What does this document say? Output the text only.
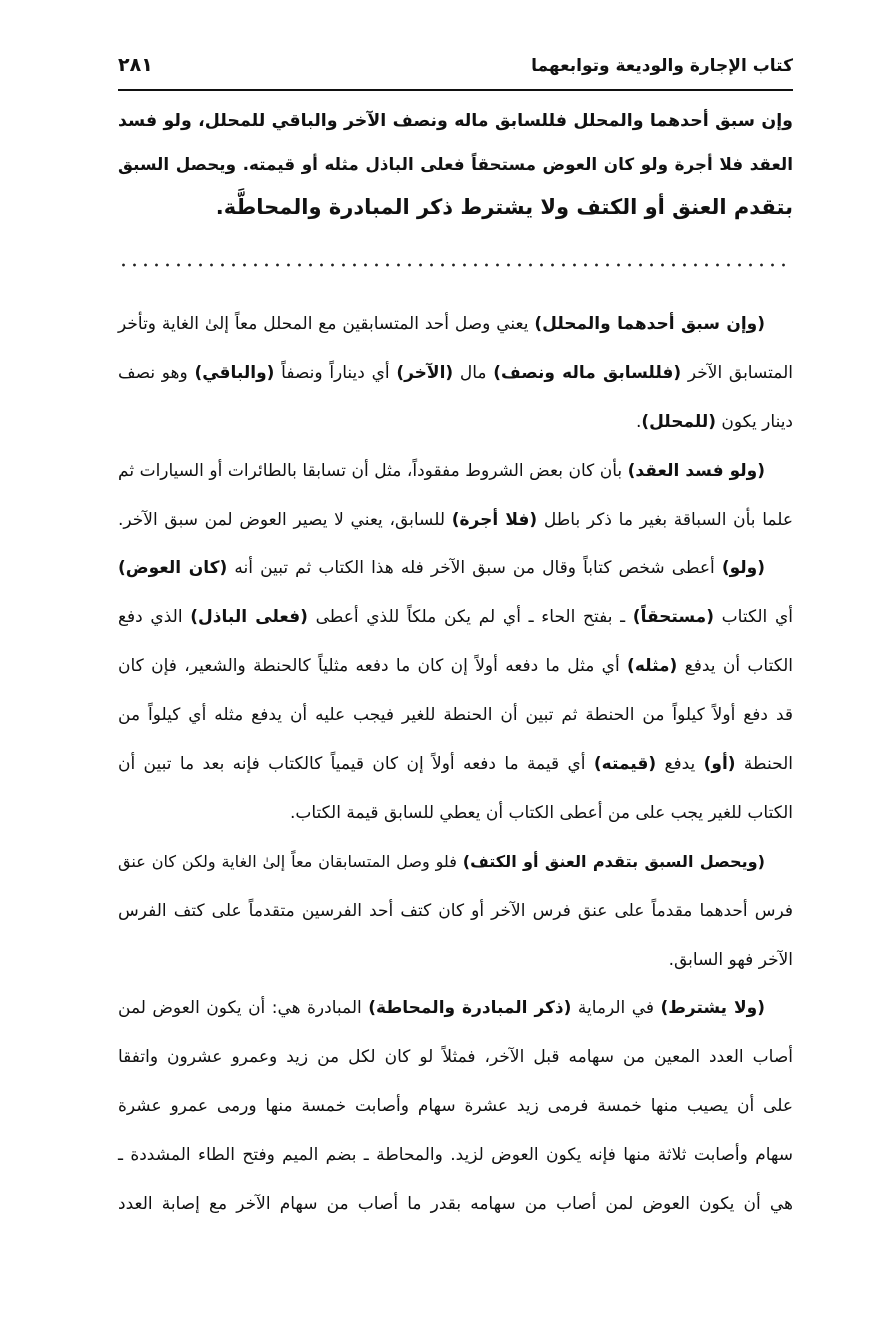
كتاب الإجارة والوديعة وتوابعهما
٢٨١
وإن سبق أحدهما والمحلل فللسابق ماله ونصف الآخر والباقي للمحلل، ولو فسد
العقد فلا أجرة ولو كان العوض مستحقاً فعلى الباذل مثله أو قيمته. ويحصل السبق
بتقدم العنق أو الكتف ولا يشترط ذكر المبادرة والمحاطَّة.
(وإن سبق أحدهما والمحلل) يعني وصل أحد المتسابقين مع المحلل معاً إلىٰ الغاية وتأخر
المتسابق الآخر (فللسابق ماله ونصف) مال (الآخر) أي ديناراً ونصفاً (والباقي) وهو نصف
دينار يكون (للمحلل).
(ولو فسد العقد) بأن كان بعض الشروط مفقوداً، مثل أن تسابقا بالطائرات أو السيارات ثم
علما بأن السباقة بغير ما ذكر باطل (فلا أجرة) للسابق، يعني لا يصير العوض لمن سبق الآخر.
(ولو) أعطى شخص كتاباً وقال من سبق الآخر فله هذا الكتاب ثم تبين أنه (كان العوض)
أي الكتاب (مستحقاً) ـ بفتح الحاء ـ أي لم يكن ملكاً للذي أعطى (فعلى الباذل) الذي دفع
الكتاب أن يدفع (مثله) أي مثل ما دفعه أولاً إن كان ما دفعه مثلياً كالحنطة والشعير، فإن كان
قد دفع أولاً كيلواً من الحنطة ثم تبين أن الحنطة للغير فيجب عليه أن يدفع مثله أي كيلواً من
الحنطة (أو) يدفع (قيمته) أي قيمة ما دفعه أولاً إن كان قيمياً كالكتاب فإنه بعد ما تبين أن
الكتاب للغير يجب على من أعطى الكتاب أن يعطي للسابق قيمة الكتاب.
(ويحصل السبق بتقدم العنق أو الكتف) فلو وصل المتسابقان معاً إلىٰ الغاية ولكن كان عنق
فرس أحدهما مقدماً على عنق فرس الآخر أو كان كتف أحد الفرسين متقدماً على كتف الفرس
الآخر فهو السابق.
(ولا يشترط) في الرماية (ذكر المبادرة والمحاطة) المبادرة هي: أن يكون العوض لمن
أصاب العدد المعين من سهامه قبل الآخر، فمثلاً لو كان لكل من زيد وعمرو عشرون واتفقا
على أن يصيب منها خمسة فرمى زيد عشرة سهام وأصابت خمسة منها ورمى عمرو عشرة
سهام وأصابت ثلاثة منها فإنه يكون العوض لزيد. والمحاطة ـ بضم الميم وفتح الطاء المشددة ـ
هي أن يكون العوض لمن أصاب من سهامه بقدر ما أصاب من سهام الآخر مع إصابة العدد
